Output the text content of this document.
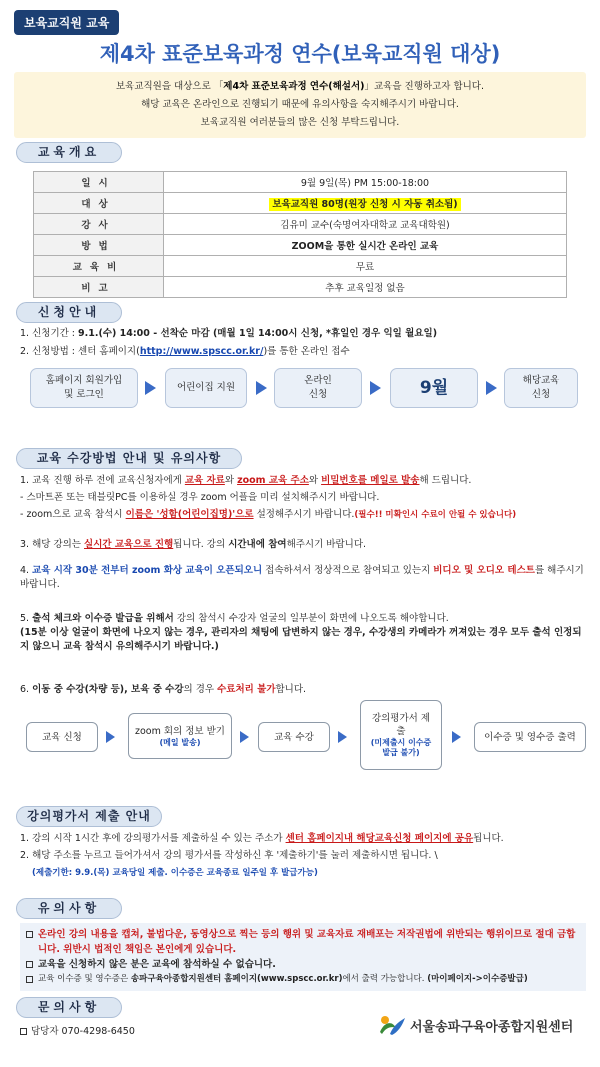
보육교직원 교육
제4차 표준보육과정 연수(보육교직원 대상)
보육교직원을 대상으로 「제4차 표준보육과정 연수(해설서)」교육을 진행하고자 합니다.
해당 교육은 온라인으로 진행되기 때문에 유의사항을 숙지해주시기 바랍니다.
보육교직원 여러분들의 많은 신청 부탁드립니다.
교육개요
일시	9월 9일(목) PM 15:00-18:00
대상	보육교직원 80명(원장 신청 시 자동 취소됨)
강사	김유미 교수(숙명여자대학교 교육대학원)
방법	ZOOM을 통한 실시간 온라인 교육
교육비	무료
비고	추후 교육일정 없음
신청안내
1. 신청기간 : 9.1.(수) 14:00 - 선착순 마감 (매월 1일 14:00시 신청, *휴일인 경우 익일 월요일)
2. 신청방법 : 센터 홈페이지(http://www.spscc.or.kr/)를 통한 온라인 접수
홈페이지 회원가입
및 로그인
어린이집 지원
온라인
신청	9월	해당교육
신청
교육 수강방법 안내 및 유의사항
1. 교육 진행 하루 전에 교육신청자에게 교육 자료와 zoom 교육 주소와 비밀번호를 메일로 발송해 드립니다.
- 스마트폰 또는 태블릿PC를 이용하실 경우 zoom 어플을 미리 설치해주시기 바랍니다.
- zoom으로 교육 참석시 이름은 '성함(어린이집명)'으로 설정해주시기 바랍니다.(필수!! 미확인시 수료이 안될 수 있습니다)
3. 해당 강의는 실시간 교육으로 진행됩니다. 강의 시간내에 참여해주시기 바랍니다.
4. 교육 시작 30분 전부터 zoom 화상 교육이 오픈되오니 접속하셔서 정상적으로 참여되고 있는지 비디오 및 오디오 테스트를 해주시기 바랍니다.
5. 출석 체크와 이수증 발급을 위해서 강의 참석시 수강자 얼굴의 일부분이 화면에 나오도록 해야합니다.
(15분 이상 얼굴이 화면에 나오지 않는 경우, 관리자의 채팅에 답변하지 않는 경우, 수강생의 카메라가 꺼져있는 경우 모두 출석 인정되지 않으니 교육 참석시 유의해주시기 바랍니다.)
6. 이동 중 수강(차량 등), 보육 중 수강의 경우 수료처리 불가합니다.
교육 신청
zoom 회의 정보 받기
(메일 발송)	교육 수강
강의평가서 제출
(미제출시 이수증 발급 불가)
이수증 및 영수증 출력
강의평가서 제출 안내
1. 강의 시작 1시간 후에 강의평가서를 제출하실 수 있는 주소가 센터 홈페이지내 해당교육신청 페이지에 공유됩니다.
2. 해당 주소를 누르고 들어가셔서 강의 평가서를 작성하신 후 '제출하기'를 눌러 제출하시면 됩니다. \
(제출기한: 9.9.(목) 교육당일 제출. 이수증은 교육종료 일주일 후 발급가능)
유의사항
온라인 강의 내용을 캡쳐, 불법다운, 동영상으로 찍는 등의 행위 및 교육자료 재배포는 저작권법에 위반되는 행위이므로 절대 금합니다. 위반시 법적인 책임은 본인에게 있습니다.
교육을 신청하지 않은 분은 교육에 참석하실 수 없습니다.
교육 이수증 및 영수증은 송파구육아종합지원센터 홈페이지(www.spscc.or.kr)에서 출력 가능합니다. (마이페이지->이수증발급)
문의사항
담당자 070-4298-6450	서울송파구육아종합지원센터
